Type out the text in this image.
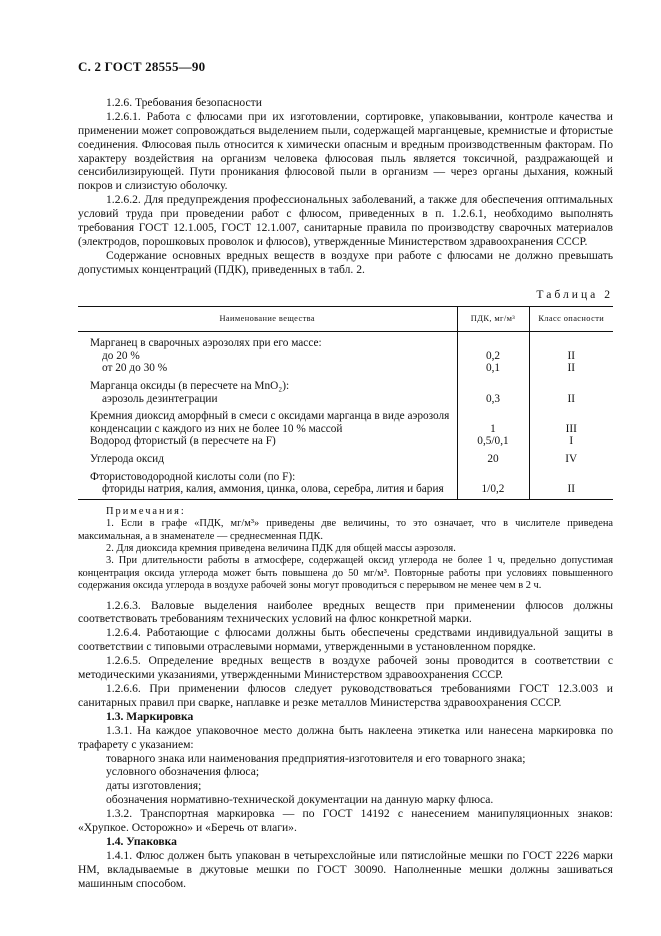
С. 2 ГОСТ 28555—90

1.2.6. Требования безопасности

1.2.6.1. Работа с флюсами при их изготовлении, сортировке, упаковывании, контроле качества и применении может сопровождаться выделением пыли, содержащей марганцевые, кремнистые и фтористые соединения. Флюсовая пыль относится к химически опасным и вредным производственным факторам. По характеру воздействия на организм человека флюсовая пыль является токсичной, раздражающей и сенсибилизирующей. Пути проникания флюсовой пыли в организм — через органы дыхания, кожный покров и слизистую оболочку.

1.2.6.2. Для предупреждения профессиональных заболеваний, а также для обеспечения оптимальных условий труда при проведении работ с флюсом, приведенных в п. 1.2.6.1, необходимо выполнять требования ГОСТ 12.1.005, ГОСТ 12.1.007, санитарные правила по производству сварочных материалов (электродов, порошковых проволок и флюсов), утвержденные Министерством здравоохранения СССР.

Содержание основных вредных веществ в воздухе при работе с флюсами не должно превышать допустимых концентраций (ПДК), приведенных в табл. 2.

Таблица 2
Наименование вещества	ПДК, мг/м³	Класс опасности
Марганец в сварочных аэрозолях при его массе:		
до 20 %	0,2	II
от 20 до 30 %	0,1	II
Марганца оксиды (в пересчете на MnO₂):		
аэрозоль дезинтеграции	0,3	II
Кремния диоксид аморфный в смеси с оксидами марганца в виде аэрозоля		
конденсации с каждого из них не более 10 % массой	1	III
Водород фтористый (в пересчете на F)	0,5/0,1	I
Углерода оксид	20	IV
Фтористоводородной кислоты соли (по F):		
фториды натрия, калия, аммония, цинка, олова, серебра, лития и бария	1/0,2	II

Примечания:

1. Если в графе «ПДК, мг/м³» приведены две величины, то это означает, что в числителе приведена максимальная, а в знаменателе — среднесменная ПДК.

2. Для диоксида кремния приведена величина ПДК для общей массы аэрозоля.

3. При длительности работы в атмосфере, содержащей оксид углерода не более 1 ч, предельно допустимая концентрация оксида углерода может быть повышена до 50 мг/м³. Повторные работы при условиях повышенного содержания оксида углерода в воздухе рабочей зоны могут проводиться с перерывом не менее чем в 2 ч.

1.2.6.3. Валовые выделения наиболее вредных веществ при применении флюсов должны соответствовать требованиям технических условий на флюс конкретной марки.

1.2.6.4. Работающие с флюсами должны быть обеспечены средствами индивидуальной защиты в соответствии с типовыми отраслевыми нормами, утвержденными в установленном порядке.

1.2.6.5. Определение вредных веществ в воздухе рабочей зоны проводится в соответствии с методическими указаниями, утвержденными Министерством здравоохранения СССР.

1.2.6.6. При применении флюсов следует руководствоваться требованиями ГОСТ 12.3.003 и санитарных правил при сварке, наплавке и резке металлов Министерства здравоохранения СССР.

1.3. Маркировка

1.3.1. На каждое упаковочное место должна быть наклеена этикетка или нанесена маркировка по трафарету с указанием:

товарного знака или наименования предприятия-изготовителя и его товарного знака;

условного обозначения флюса;

даты изготовления;

обозначения нормативно-технической документации на данную марку флюса.

1.3.2. Транспортная маркировка — по ГОСТ 14192 с нанесением манипуляционных знаков: «Хрупкое. Осторожно» и «Беречь от влаги».

1.4. Упаковка

1.4.1. Флюс должен быть упакован в четырехслойные или пятислойные мешки по ГОСТ 2226 марки НМ, вкладываемые в джутовые мешки по ГОСТ 30090. Наполненные мешки должны зашиваться машинным способом.
